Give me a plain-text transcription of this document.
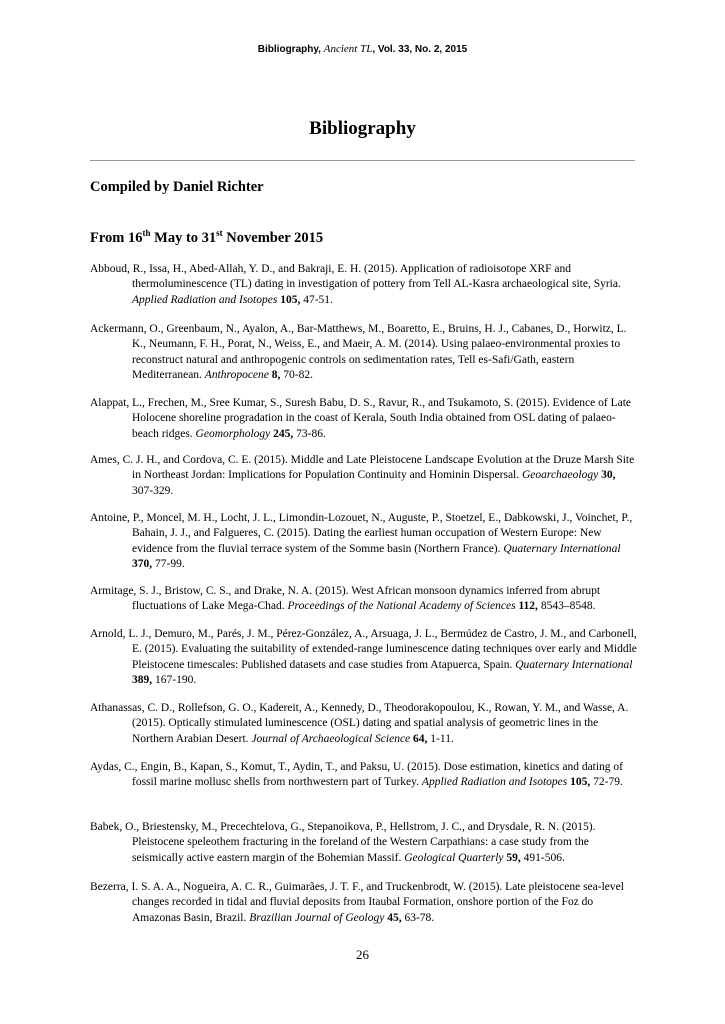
Bibliography, Ancient TL, Vol. 33, No. 2, 2015
Bibliography
Compiled by Daniel Richter
From 16th May to 31st November 2015
Abboud, R., Issa, H., Abed-Allah, Y. D., and Bakraji, E. H. (2015). Application of radioisotope XRF and thermoluminescence (TL) dating in investigation of pottery from Tell AL-Kasra archaeological site, Syria. Applied Radiation and Isotopes 105, 47-51.
Ackermann, O., Greenbaum, N., Ayalon, A., Bar-Matthews, M., Boaretto, E., Bruins, H. J., Cabanes, D., Horwitz, L. K., Neumann, F. H., Porat, N., Weiss, E., and Maeir, A. M. (2014). Using palaeo-environmental proxies to reconstruct natural and anthropogenic controls on sedimentation rates, Tell es-Safi/Gath, eastern Mediterranean. Anthropocene 8, 70-82.
Alappat, L., Frechen, M., Sree Kumar, S., Suresh Babu, D. S., Ravur, R., and Tsukamoto, S. (2015). Evidence of Late Holocene shoreline progradation in the coast of Kerala, South India obtained from OSL dating of palaeo-beach ridges. Geomorphology 245, 73-86.
Ames, C. J. H., and Cordova, C. E. (2015). Middle and Late Pleistocene Landscape Evolution at the Druze Marsh Site in Northeast Jordan: Implications for Population Continuity and Hominin Dispersal. Geoarchaeology 30, 307-329.
Antoine, P., Moncel, M. H., Locht, J. L., Limondin-Lozouet, N., Auguste, P., Stoetzel, E., Dabkowski, J., Voinchet, P., Bahain, J. J., and Falgueres, C. (2015). Dating the earliest human occupation of Western Europe: New evidence from the fluvial terrace system of the Somme basin (Northern France). Quaternary International 370, 77-99.
Armitage, S. J., Bristow, C. S., and Drake, N. A. (2015). West African monsoon dynamics inferred from abrupt fluctuations of Lake Mega-Chad. Proceedings of the National Academy of Sciences 112, 8543–8548.
Arnold, L. J., Demuro, M., Parés, J. M., Pérez-González, A., Arsuaga, J. L., Bermúdez de Castro, J. M., and Carbonell, E. (2015). Evaluating the suitability of extended-range luminescence dating techniques over early and Middle Pleistocene timescales: Published datasets and case studies from Atapuerca, Spain. Quaternary International 389, 167-190.
Athanassas, C. D., Rollefson, G. O., Kadereit, A., Kennedy, D., Theodorakopoulou, K., Rowan, Y. M., and Wasse, A. (2015). Optically stimulated luminescence (OSL) dating and spatial analysis of geometric lines in the Northern Arabian Desert. Journal of Archaeological Science 64, 1-11.
Aydas, C., Engin, B., Kapan, S., Komut, T., Aydin, T., and Paksu, U. (2015). Dose estimation, kinetics and dating of fossil marine mollusc shells from northwestern part of Turkey. Applied Radiation and Isotopes 105, 72-79.
Babek, O., Briestensky, M., Precechtelova, G., Stepanoikova, P., Hellstrom, J. C., and Drysdale, R. N. (2015). Pleistocene speleothem fracturing in the foreland of the Western Carpathians: a case study from the seismically active eastern margin of the Bohemian Massif. Geological Quarterly 59, 491-506.
Bezerra, I. S. A. A., Nogueira, A. C. R., Guimarães, J. T. F., and Truckenbrodt, W. (2015). Late pleistocene sea-level changes recorded in tidal and fluvial deposits from Itaubal Formation, onshore portion of the Foz do Amazonas Basin, Brazil. Brazilian Journal of Geology 45, 63-78.
26
